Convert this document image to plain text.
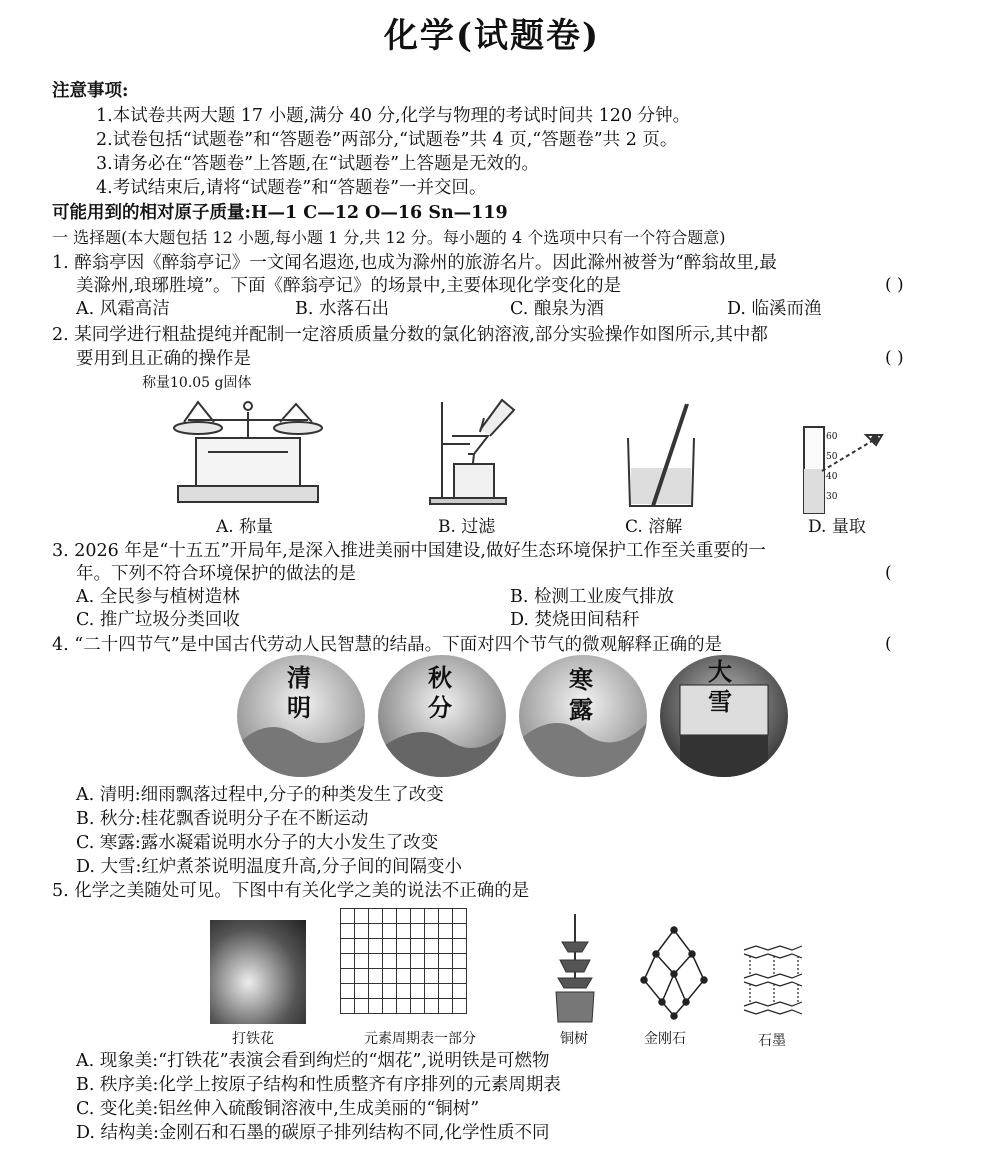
化学(试题卷)
注意事项:
1.本试卷共两大题 17 小题,满分 40 分,化学与物理的考试时间共 120 分钟。
2.试卷包括“试题卷”和“答题卷”两部分,“试题卷”共 4 页,“答题卷”共 2 页。
3.请务必在“答题卷”上答题,在“试题卷”上答题是无效的。
4.考试结束后,请将“试题卷”和“答题卷”一并交回。
可能用到的相对原子质量:H—1 C—12 O—16 Sn—119
一 选择题(本大题包括 12 小题,每小题 1 分,共 12 分。每小题的 4 个选项中只有一个符合题意)
1. 醉翁亭因《醉翁亭记》一文闻名遐迩,也成为滁州的旅游名片。因此滁州被誉为“醉翁故里,最
美滁州,琅琊胜境”。下面《醉翁亭记》的场景中,主要体现化学变化的是	( )
A. 风霜高洁	B. 水落石出	C. 酿泉为酒	D. 临溪而渔
2. 某同学进行粗盐提纯并配制一定溶质质量分数的氯化钠溶液,部分实验操作如图所示,其中都
要用到且正确的操作是	( )
称量10.05 g固体
60
50
40
30
A. 称量	B. 过滤	C. 溶解	D. 量取
3. 2026 年是“十五五”开局年,是深入推进美丽中国建设,做好生态环境保护工作至关重要的一
年。下列不符合环境保护的做法的是	(
A. 全民参与植树造林	B. 检测工业废气排放
C. 推广垃圾分类回收	D. 焚烧田间秸秆
4. “二十四节气”是中国古代劳动人民智慧的结晶。下面对四个节气的微观解释正确的是	(
清明
秋分
寒露
大雪
A. 清明:细雨飘落过程中,分子的种类发生了改变
B. 秋分:桂花飘香说明分子在不断运动
C. 寒露:露水凝霜说明水分子的大小发生了改变
D. 大雪:红炉煮茶说明温度升高,分子间的间隔变小
5. 化学之美随处可见。下图中有关化学之美的说法不正确的是

打铁花	元素周期表一部分	铜树	金刚石	石墨
A. 现象美:“打铁花”表演会看到绚烂的“烟花”,说明铁是可燃物
B. 秩序美:化学上按原子结构和性质整齐有序排列的元素周期表
C. 变化美:铝丝伸入硫酸铜溶液中,生成美丽的“铜树”
D. 结构美:金刚石和石墨的碳原子排列结构不同,化学性质不同
